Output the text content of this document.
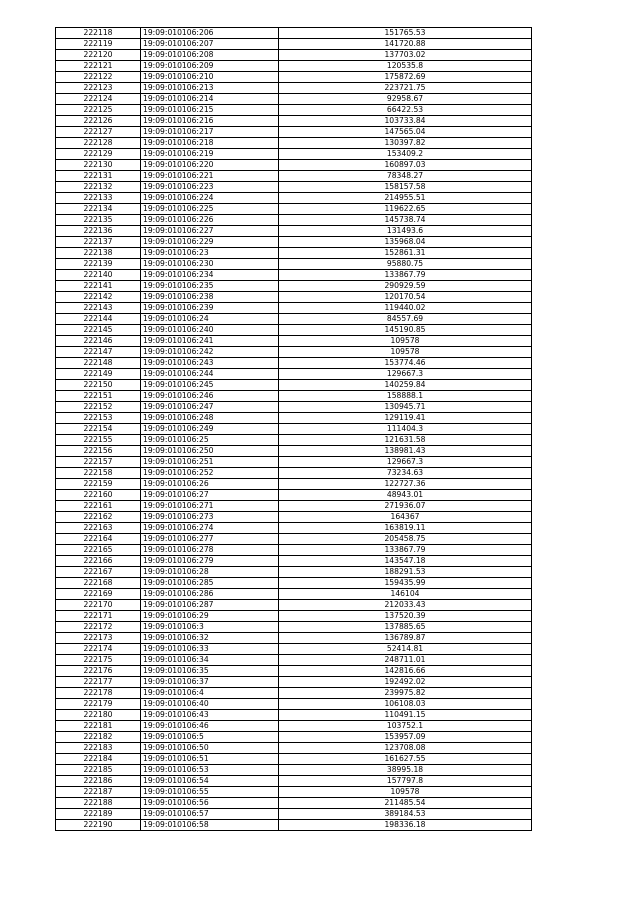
222118	19:09:010106:206	151765.53
222119	19:09:010106:207	141720.88
222120	19:09:010106:208	137703.02
222121	19:09:010106:209	120535.8
222122	19:09:010106:210	175872.69
222123	19:09:010106:213	223721.75
222124	19:09:010106:214	92958.67
222125	19:09:010106:215	66422.53
222126	19:09:010106:216	103733.84
222127	19:09:010106:217	147565.04
222128	19:09:010106:218	130397.82
222129	19:09:010106:219	153409.2
222130	19:09:010106:220	160897.03
222131	19:09:010106:221	78348.27
222132	19:09:010106:223	158157.58
222133	19:09:010106:224	214955.51
222134	19:09:010106:225	119622.65
222135	19:09:010106:226	145738.74
222136	19:09:010106:227	131493.6
222137	19:09:010106:229	135968.04
222138	19:09:010106:23	152861.31
222139	19:09:010106:230	95880.75
222140	19:09:010106:234	133867.79
222141	19:09:010106:235	290929.59
222142	19:09:010106:238	120170.54
222143	19:09:010106:239	119440.02
222144	19:09:010106:24	84557.69
222145	19:09:010106:240	145190.85
222146	19:09:010106:241	109578
222147	19:09:010106:242	109578
222148	19:09:010106:243	153774.46
222149	19:09:010106:244	129667.3
222150	19:09:010106:245	140259.84
222151	19:09:010106:246	158888.1
222152	19:09:010106:247	130945.71
222153	19:09:010106:248	129119.41
222154	19:09:010106:249	111404.3
222155	19:09:010106:25	121631.58
222156	19:09:010106:250	138981.43
222157	19:09:010106:251	129667.3
222158	19:09:010106:252	73234.63
222159	19:09:010106:26	122727.36
222160	19:09:010106:27	48943.01
222161	19:09:010106:271	271936.07
222162	19:09:010106:273	164367
222163	19:09:010106:274	163819.11
222164	19:09:010106:277	205458.75
222165	19:09:010106:278	133867.79
222166	19:09:010106:279	143547.18
222167	19:09:010106:28	188291.53
222168	19:09:010106:285	159435.99
222169	19:09:010106:286	146104
222170	19:09:010106:287	212033.43
222171	19:09:010106:29	137520.39
222172	19:09:010106:3	137885.65
222173	19:09:010106:32	136789.87
222174	19:09:010106:33	52414.81
222175	19:09:010106:34	248711.01
222176	19:09:010106:35	142816.66
222177	19:09:010106:37	192492.02
222178	19:09:010106:4	239975.82
222179	19:09:010106:40	106108.03
222180	19:09:010106:43	110491.15
222181	19:09:010106:46	103752.1
222182	19:09:010106:5	153957.09
222183	19:09:010106:50	123708.08
222184	19:09:010106:51	161627.55
222185	19:09:010106:53	38995.18
222186	19:09:010106:54	157797.8
222187	19:09:010106:55	109578
222188	19:09:010106:56	211485.54
222189	19:09:010106:57	389184.53
222190	19:09:010106:58	198336.18
